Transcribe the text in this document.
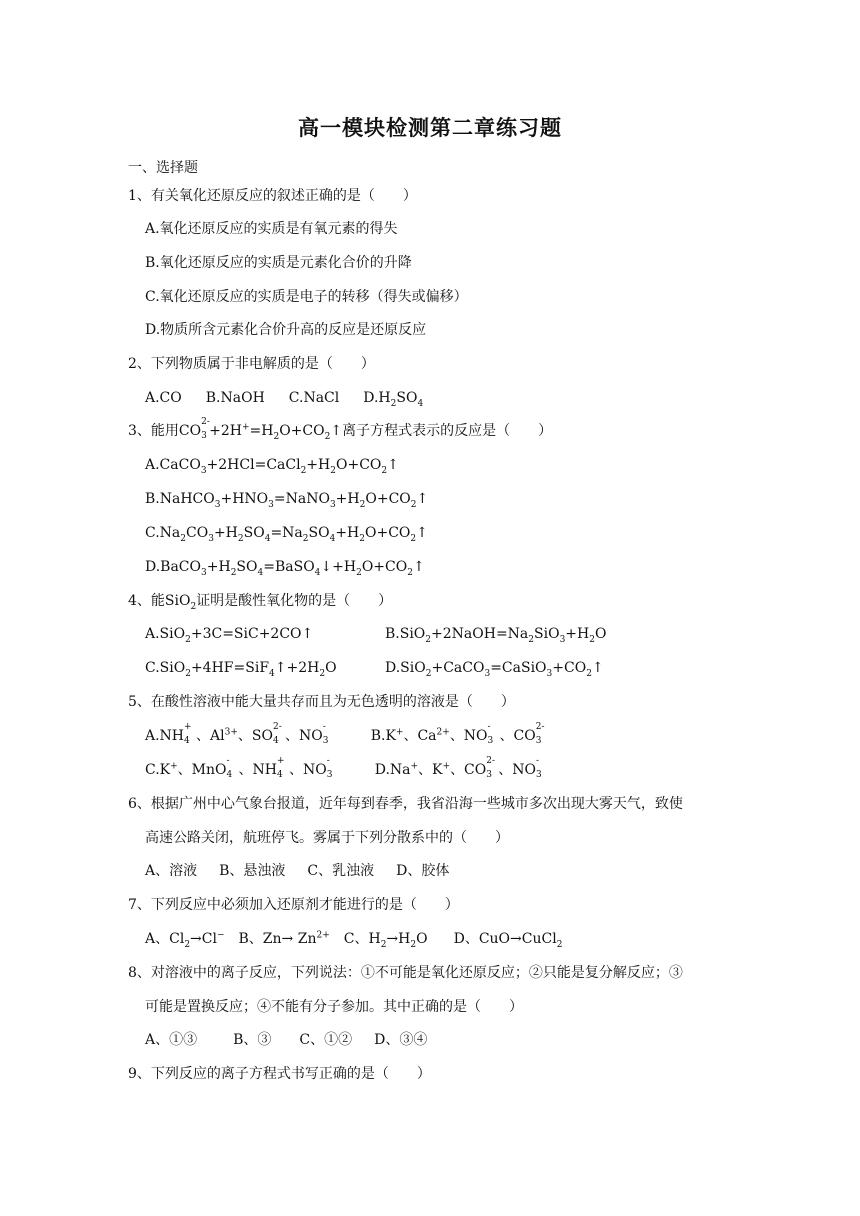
高一模块检测第二章练习题
一、选择题
1、有关氧化还原反应的叙述正确的是（　　）
A.氧化还原反应的实质是有氧元素的得失
B.氧化还原反应的实质是元素化合价的升降
C.氧化还原反应的实质是电子的转移（得失或偏移）
D.物质所含元素化合价升高的反应是还原反应
2、下列物质属于非电解质的是（　　）
A.CO B.NaOH C.NaCl $D.H_2SO_4$
3、能用CO
2-
$3 +2H^+=H_2O+CO_2↑$离子方程式表示的反应是（　　）
$A.CaCO_3+2HCl=CaCl_2+H_2O+CO_2↑$
$B.NaHCO_3+HNO_3=NaNO_3+H_2O+CO_2↑$
$C.Na_2CO_3+H_2SO_4=Na_2SO_4+H_2O+CO_2↑$
$D.BaCO_3+H_2SO_4=BaSO_4↓+H_2O+CO_2↑$
4、能SiO$_2$证明是酸性氧化物的是（　　）
A.SiO$_2$+3C=SiC+2CO↑	$B.SiO_2+2NaOH=Na_2SiO_3+H_2O$
$C.SiO_2+4HF=SiF_4↑+2H_2O$	$D.SiO_2+CaCO_3=CaSiO_3+CO_2↑$
5、在酸性溶液中能大量共存而且为无色透明的溶液是（　　）
A.NH
+
4 、$Al^{3+}$、SO
2-
4 、NO
-
3	B.K+、$Ca^{2+}$、NO
-
3 、CO
2-
3
C.K+、MnO
-
4 、NH
+
4 、NO
-
3	D.Na+、K+、CO
2-
3 、NO
-
3
6、根据广州中心气象台报道，近年每到春季，我省沿海一些城市多次出现大雾天气，致使
高速公路关闭，航班停飞。雾属于下列分散系中的（　　）
A、溶液 B、悬浊液 C、乳浊液 D、胶体
7、下列反应中必须加入还原剂才能进行的是（　　）
A、$Cl_2\to Cl^-$ B、$Zn\to Zn^{2+}$ C、$H_2\to H_2O$ D、CuO→CuCl$_2$
8、对溶液中的离子反应，下列说法：①不可能是氧化还原反应；②只能是复分解反应；③
可能是置换反应；④不能有分子参加。其中正确的是（　　）
A、①③	B、③ C、①② D、③④
9、下列反应的离子方程式书写正确的是（　　）
